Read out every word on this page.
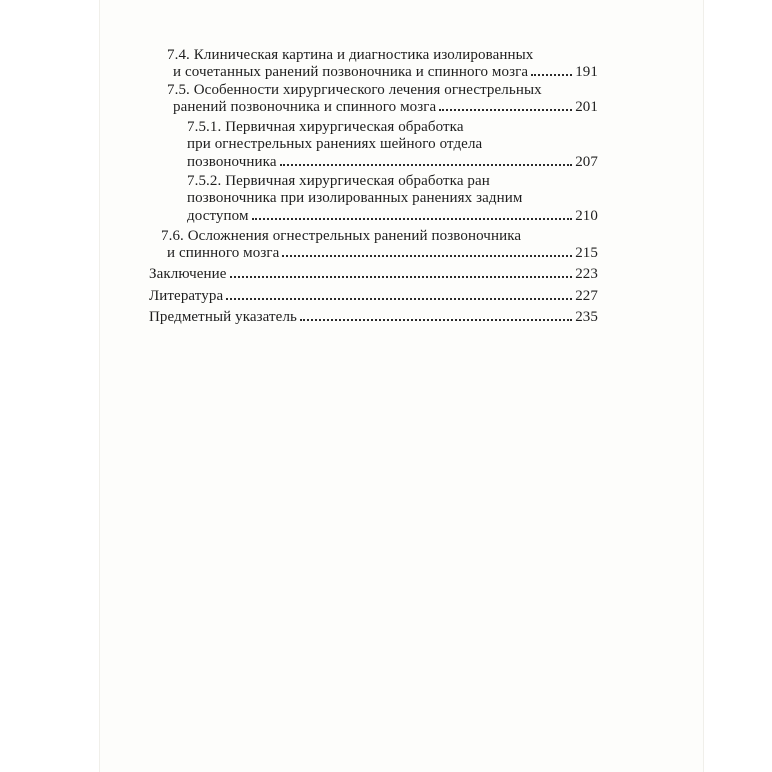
7.4. Клиническая картина и диагностика изолированных
и сочетанных ранений позвоночника и спинного мозга	191
7.5. Особенности хирургического лечения огнестрельных
ранений позвоночника и спинного мозга	201
7.5.1. Первичная хирургическая обработка
при огнестрельных ранениях шейного отдела
позвоночника	207
7.5.2. Первичная хирургическая обработка ран
позвоночника при изолированных ранениях задним
доступом	210
7.6. Осложнения огнестрельных ранений позвоночника
и спинного мозга	215
Заключение	223
Литература	227
Предметный указатель	235
